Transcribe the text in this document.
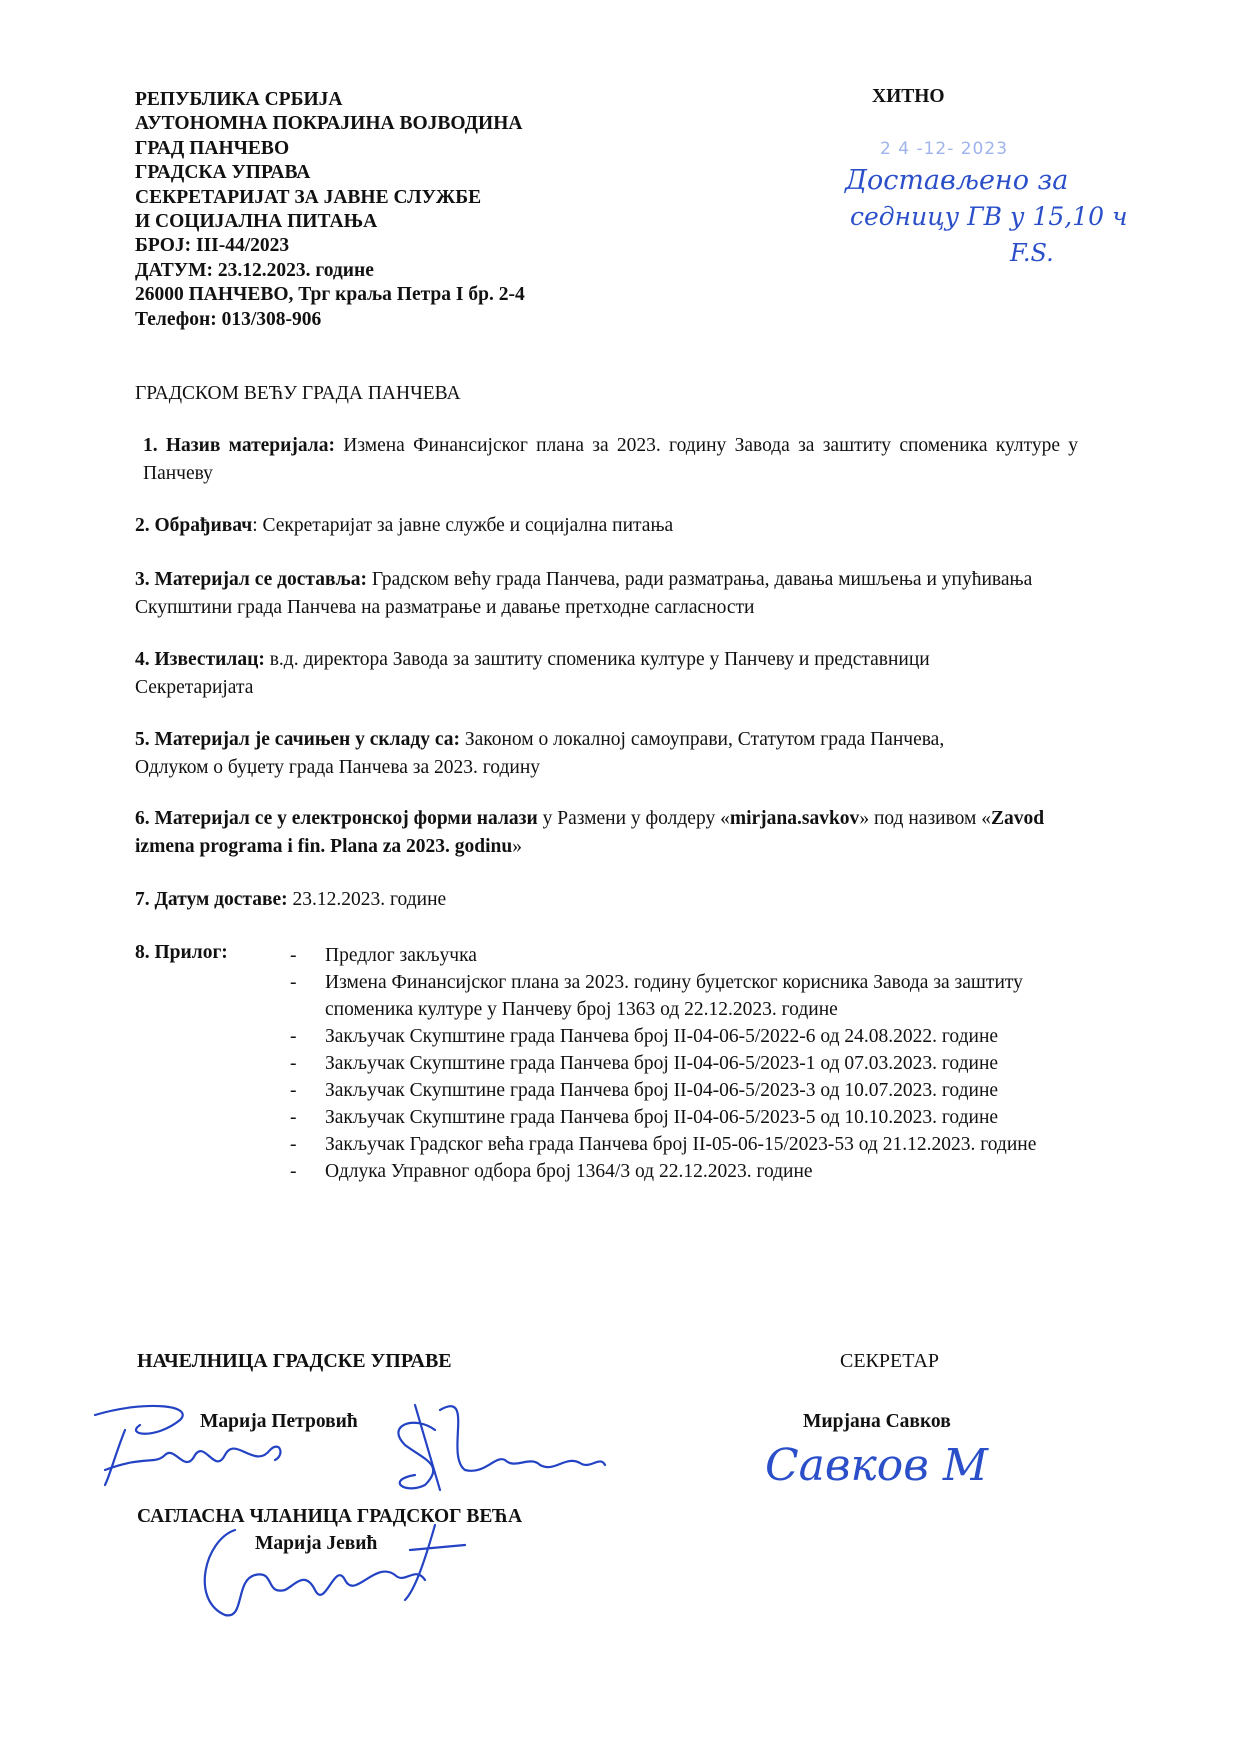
РЕПУБЛИКА СРБИЈА
АУТОНОМНА ПОКРАЈИНА ВОЈВОДИНА
ГРАД ПАНЧЕВО
ГРАДСКА УПРАВА
СЕКРЕТАРИЈАТ ЗА ЈАВНЕ СЛУЖБЕ
И СОЦИЈАЛНА ПИТАЊА
БРОЈ: III-44/2023
ДАТУМ: 23.12.2023. године
26000 ПАНЧЕВО, Трг краља Петра I бр. 2-4
Телефон: 013/308-906
ХИТНО
2 4 -12- 2023
Достављено за
седницу ГВ у 15,10 ч
F.S.
ГРАДСКОМ ВЕЋУ ГРАДА ПАНЧЕВА
1. Назив материјала: Измена Финансијског плана за 2023. годину Завода за заштиту споменика културе у Панчеву
2. Обрађивач: Секретаријат за јавне службе и социјална питања
3. Материјал се доставља: Градском већу града Панчева, ради разматрања, давања мишљења и упућивања Скупштини града Панчева на разматрање и давање претходне сагласности
4. Известилац: в.д. директора Завода за заштиту споменика културе у Панчеву и представници Секретаријата
5. Материјал је сачињен у складу са: Законом о локалној самоуправи, Статутом града Панчева, Одлуком о буџету града Панчева за 2023. годину
6. Материјал се у електронској форми налази у Размени у фолдеру «mirjana.savkov» под називом «Zavod izmena programa i fin. Plana za 2023. godinu»
7. Датум доставе: 23.12.2023. године
8. Прилог:	- Предлог закључка
- Измена Финансијског плана за 2023. годину буџетског корисника Завода за заштиту споменика културе у Панчеву број 1363 од 22.12.2023. године
- Закључак Скупштине града Панчева број II-04-06-5/2022-6 од 24.08.2022. године
- Закључак Скупштине града Панчева број II-04-06-5/2023-1 од 07.03.2023. године
- Закључак Скупштине града Панчева број II-04-06-5/2023-3 од 10.07.2023. године
- Закључак Скупштине града Панчева број II-04-06-5/2023-5 од 10.10.2023. године
- Закључак Градског већа града Панчева број II-05-06-15/2023-53 од 21.12.2023. године
- Одлука Управног одбора број 1364/3 од 22.12.2023. године
НАЧЕЛНИЦА ГРАДСКЕ УПРАВЕ	СЕКРЕТАР
Марија Петровић	Мирјана Савков
Савков М
САГЛАСНА ЧЛАНИЦА ГРАДСКОГ ВЕЋА
Марија Јевић
